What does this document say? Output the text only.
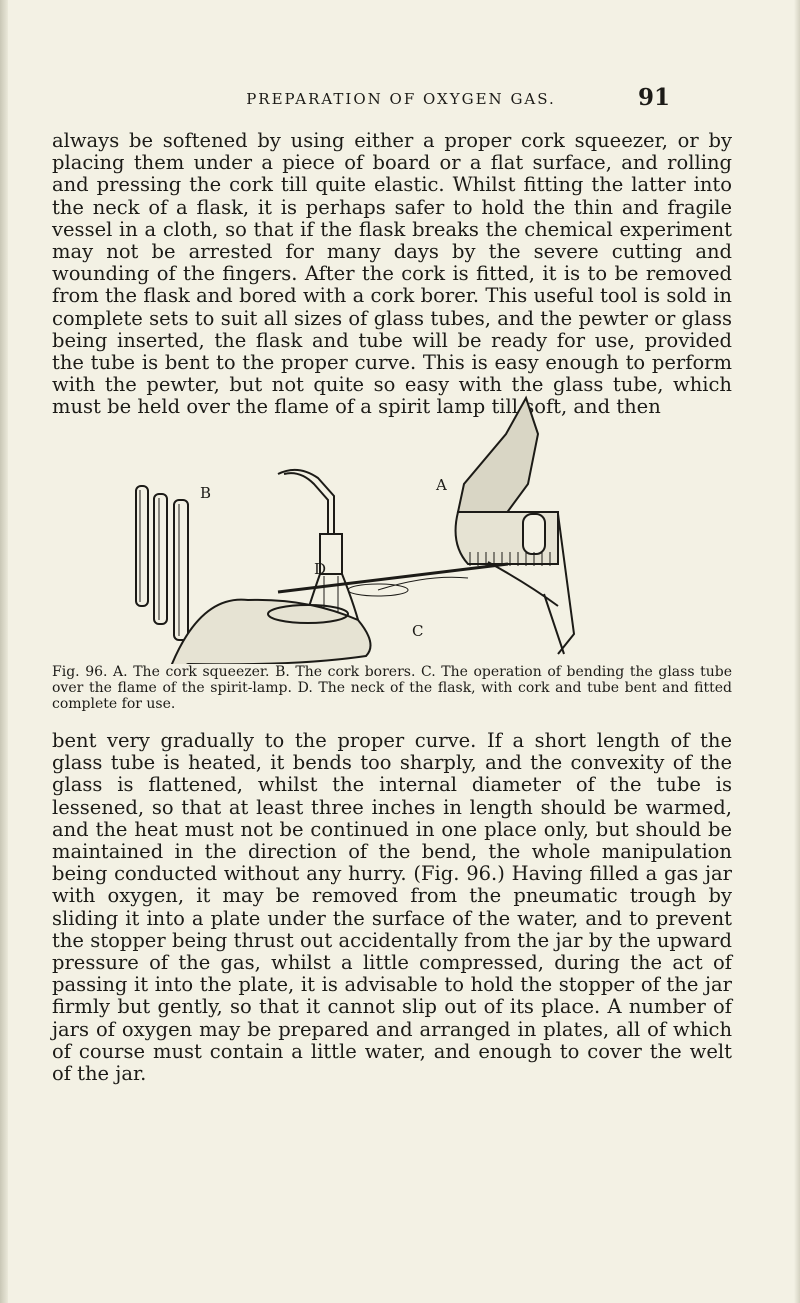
PREPARATION OF OXYGEN GAS.	91

always be softened by using either a proper cork squeezer, or by placing them under a piece of board or a flat surface, and rolling and pressing the cork till quite elastic. Whilst fitting the latter into the neck of a flask, it is perhaps safer to hold the thin and fragile vessel in a cloth, so that if the flask breaks the chemical experiment may not be arrested for many days by the severe cutting and wounding of the fingers. After the cork is fitted, it is to be removed from the flask and bored with a cork borer. This useful tool is sold in complete sets to suit all sizes of glass tubes, and the pewter or glass being inserted, the flask and tube will be ready for use, provided the tube is bent to the proper curve. This is easy enough to perform with the pewter, but not quite so easy with the glass tube, which must be held over the flame of a spirit lamp till soft, and then

B
D
A
C

Fig. 96. A. The cork squeezer. B. The cork borers. C. The operation of bending the glass tube over the flame of the spirit-lamp. D. The neck of the flask, with cork and tube bent and fitted complete for use.

bent very gradually to the proper curve. If a short length of the glass tube is heated, it bends too sharply, and the convexity of the glass is flattened, whilst the internal diameter of the tube is lessened, so that at least three inches in length should be warmed, and the heat must not be continued in one place only, but should be maintained in the direction of the bend, the whole manipulation being conducted without any hurry. (Fig. 96.) Having filled a gas jar with oxygen, it may be removed from the pneumatic trough by sliding it into a plate under the surface of the water, and to prevent the stopper being thrust out accidentally from the jar by the upward pressure of the gas, whilst a little compressed, during the act of passing it into the plate, it is advisable to hold the stopper of the jar firmly but gently, so that it cannot slip out of its place. A number of jars of oxygen may be prepared and arranged in plates, all of which of course must contain a little water, and enough to cover the welt of the jar.
